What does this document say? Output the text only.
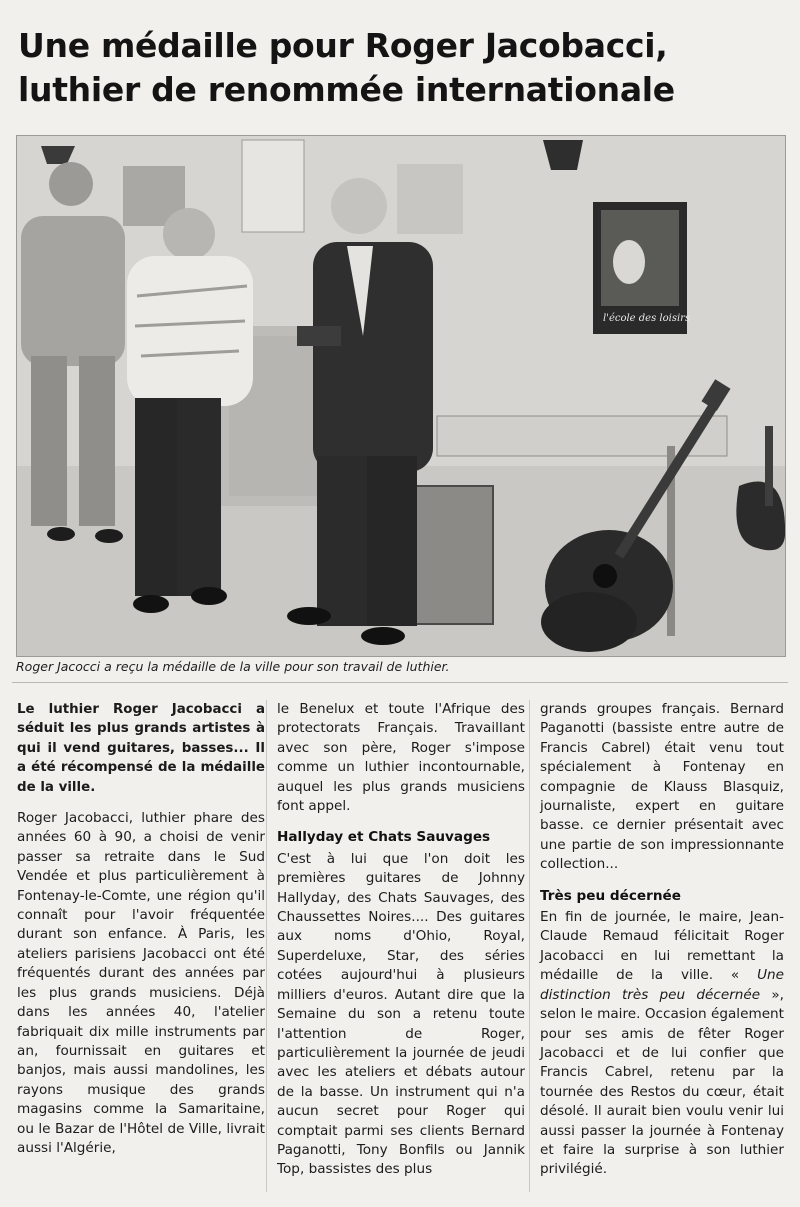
Une médaille pour Roger Jacobacci,
luthier de renommée internationale
l'école des loisirs
Roger Jacocci a reçu la médaille de la ville pour son travail de luthier.

Le luthier Roger Jacobacci a séduit les plus grands artistes à qui il vend guitares, basses... Il a été récompensé de la médaille de la ville.

Roger Jacobacci, luthier phare des années 60 à 90, a choisi de venir passer sa retraite dans le Sud Vendée et plus particulièrement à Fontenay-le-Comte, une région qu'il connaît pour l'avoir fréquentée durant son enfance. À Paris, les ateliers parisiens Jacobacci ont été fréquentés durant des années par les plus grands musiciens. Déjà dans les années 40, l'atelier fabriquait dix mille instruments par an, fournissait en guitares et banjos, mais aussi mandolines, les rayons musique des grands magasins comme la Samaritaine, ou le Bazar de l'Hôtel de Ville, livrait aussi l'Algérie,

le Benelux et toute l'Afrique des protectorats Français. Travaillant avec son père, Roger s'impose comme un luthier incontournable, auquel les plus grands musiciens font appel.

Hallyday et Chats Sauvages

C'est à lui que l'on doit les premières guitares de Johnny Hallyday, des Chats Sauvages, des Chaussettes Noires.... Des guitares aux noms d'Ohio, Royal, Superdeluxe, Star, des séries cotées aujourd'hui à plusieurs milliers d'euros. Autant dire que la Semaine du son a retenu toute l'attention de Roger, particulièrement la journée de jeudi avec les ateliers et débats autour de la basse. Un instrument qui n'a aucun secret pour Roger qui comptait parmi ses clients Bernard Paganotti, Tony Bonfils ou Jannik Top, bassistes des plus

grands groupes français. Bernard Paganotti (bassiste entre autre de Francis Cabrel) était venu tout spécialement à Fontenay en compagnie de Klauss Blasquiz, journaliste, expert en guitare basse. ce dernier présentait avec une partie de son impressionnante collection...

Très peu décernée

En fin de journée, le maire, Jean-Claude Remaud félicitait Roger Jacobacci en lui remettant la médaille de la ville. « Une distinction très peu décernée », selon le maire. Occasion également pour ses amis de fêter Roger Jacobacci et de lui confier que Francis Cabrel, retenu par la tournée des Restos du cœur, était désolé. Il aurait bien voulu venir lui aussi passer la journée à Fontenay et faire la surprise à son luthier privilégié.
